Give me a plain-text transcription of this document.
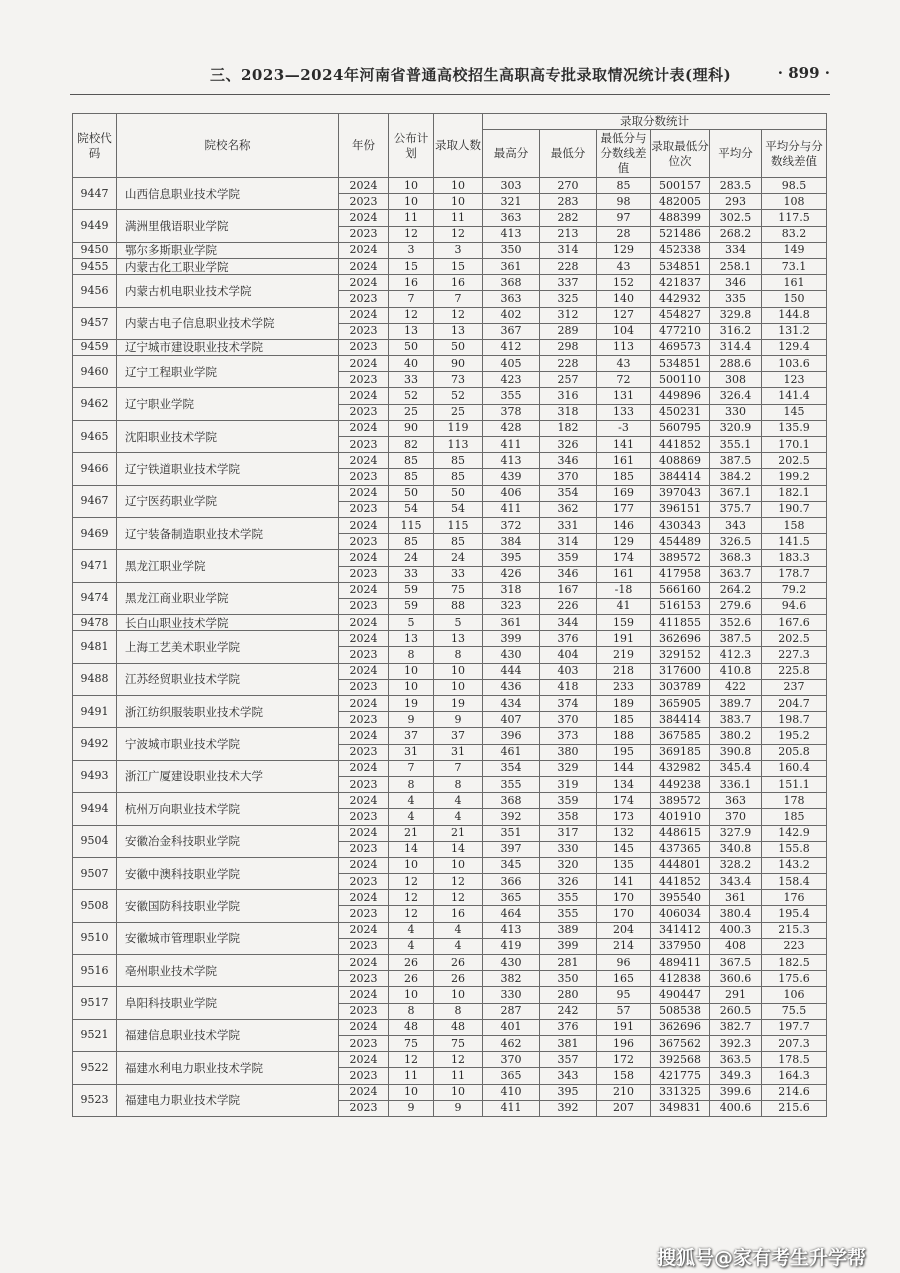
三、2023—2024年河南省普通高校招生高职高专批录取情况统计表(理科)	· 899 ·
院校代码	院校名称	年份	公布计划	录取人数	录取分数统计					
					最高分	最低分	最低分与分数线差值	录取最低分位次	平均分	平均分与分数线差值
9447	山西信息职业技术学院	2024	10	10	303	270	85	500157	283.5	98.5
		2023	10	10	321	283	98	482005	293	108
9449	满洲里俄语职业学院	2024	11	11	363	282	97	488399	302.5	117.5
		2023	12	12	413	213	28	521486	268.2	83.2
9450	鄂尔多斯职业学院	2024	3	3	350	314	129	452338	334	149
9455	内蒙古化工职业学院	2024	15	15	361	228	43	534851	258.1	73.1
9456	内蒙古机电职业技术学院	2024	16	16	368	337	152	421837	346	161
		2023	7	7	363	325	140	442932	335	150
9457	内蒙古电子信息职业技术学院	2024	12	12	402	312	127	454827	329.8	144.8
		2023	13	13	367	289	104	477210	316.2	131.2
9459	辽宁城市建设职业技术学院	2023	50	50	412	298	113	469573	314.4	129.4
9460	辽宁工程职业学院	2024	40	90	405	228	43	534851	288.6	103.6
		2023	33	73	423	257	72	500110	308	123
9462	辽宁职业学院	2024	52	52	355	316	131	449896	326.4	141.4
		2023	25	25	378	318	133	450231	330	145
9465	沈阳职业技术学院	2024	90	119	428	182	-3	560795	320.9	135.9
		2023	82	113	411	326	141	441852	355.1	170.1
9466	辽宁铁道职业技术学院	2024	85	85	413	346	161	408869	387.5	202.5
		2023	85	85	439	370	185	384414	384.2	199.2
9467	辽宁医药职业学院	2024	50	50	406	354	169	397043	367.1	182.1
		2023	54	54	411	362	177	396151	375.7	190.7
9469	辽宁装备制造职业技术学院	2024	115	115	372	331	146	430343	343	158
		2023	85	85	384	314	129	454489	326.5	141.5
9471	黑龙江职业学院	2024	24	24	395	359	174	389572	368.3	183.3
		2023	33	33	426	346	161	417958	363.7	178.7
9474	黑龙江商业职业学院	2024	59	75	318	167	-18	566160	264.2	79.2
		2023	59	88	323	226	41	516153	279.6	94.6
9478	长白山职业技术学院	2024	5	5	361	344	159	411855	352.6	167.6
9481	上海工艺美术职业学院	2024	13	13	399	376	191	362696	387.5	202.5
		2023	8	8	430	404	219	329152	412.3	227.3
9488	江苏经贸职业技术学院	2024	10	10	444	403	218	317600	410.8	225.8
		2023	10	10	436	418	233	303789	422	237
9491	浙江纺织服装职业技术学院	2024	19	19	434	374	189	365905	389.7	204.7
		2023	9	9	407	370	185	384414	383.7	198.7
9492	宁波城市职业技术学院	2024	37	37	396	373	188	367585	380.2	195.2
		2023	31	31	461	380	195	369185	390.8	205.8
9493	浙江广厦建设职业技术大学	2024	7	7	354	329	144	432982	345.4	160.4
		2023	8	8	355	319	134	449238	336.1	151.1
9494	杭州万向职业技术学院	2024	4	4	368	359	174	389572	363	178
		2023	4	4	392	358	173	401910	370	185
9504	安徽冶金科技职业学院	2024	21	21	351	317	132	448615	327.9	142.9
		2023	14	14	397	330	145	437365	340.8	155.8
9507	安徽中澳科技职业学院	2024	10	10	345	320	135	444801	328.2	143.2
		2023	12	12	366	326	141	441852	343.4	158.4
9508	安徽国防科技职业学院	2024	12	12	365	355	170	395540	361	176
		2023	12	16	464	355	170	406034	380.4	195.4
9510	安徽城市管理职业学院	2024	4	4	413	389	204	341412	400.3	215.3
		2023	4	4	419	399	214	337950	408	223
9516	亳州职业技术学院	2024	26	26	430	281	96	489411	367.5	182.5
		2023	26	26	382	350	165	412838	360.6	175.6
9517	阜阳科技职业学院	2024	10	10	330	280	95	490447	291	106
		2023	8	8	287	242	57	508538	260.5	75.5
9521	福建信息职业技术学院	2024	48	48	401	376	191	362696	382.7	197.7
		2023	75	75	462	381	196	367562	392.3	207.3
9522	福建水利电力职业技术学院	2024	12	12	370	357	172	392568	363.5	178.5
		2023	11	11	365	343	158	421775	349.3	164.3
9523	福建电力职业技术学院	2024	10	10	410	395	210	331325	399.6	214.6
		2023	9	9	411	392	207	349831	400.6	215.6
搜狐号@家有考生升学帮
